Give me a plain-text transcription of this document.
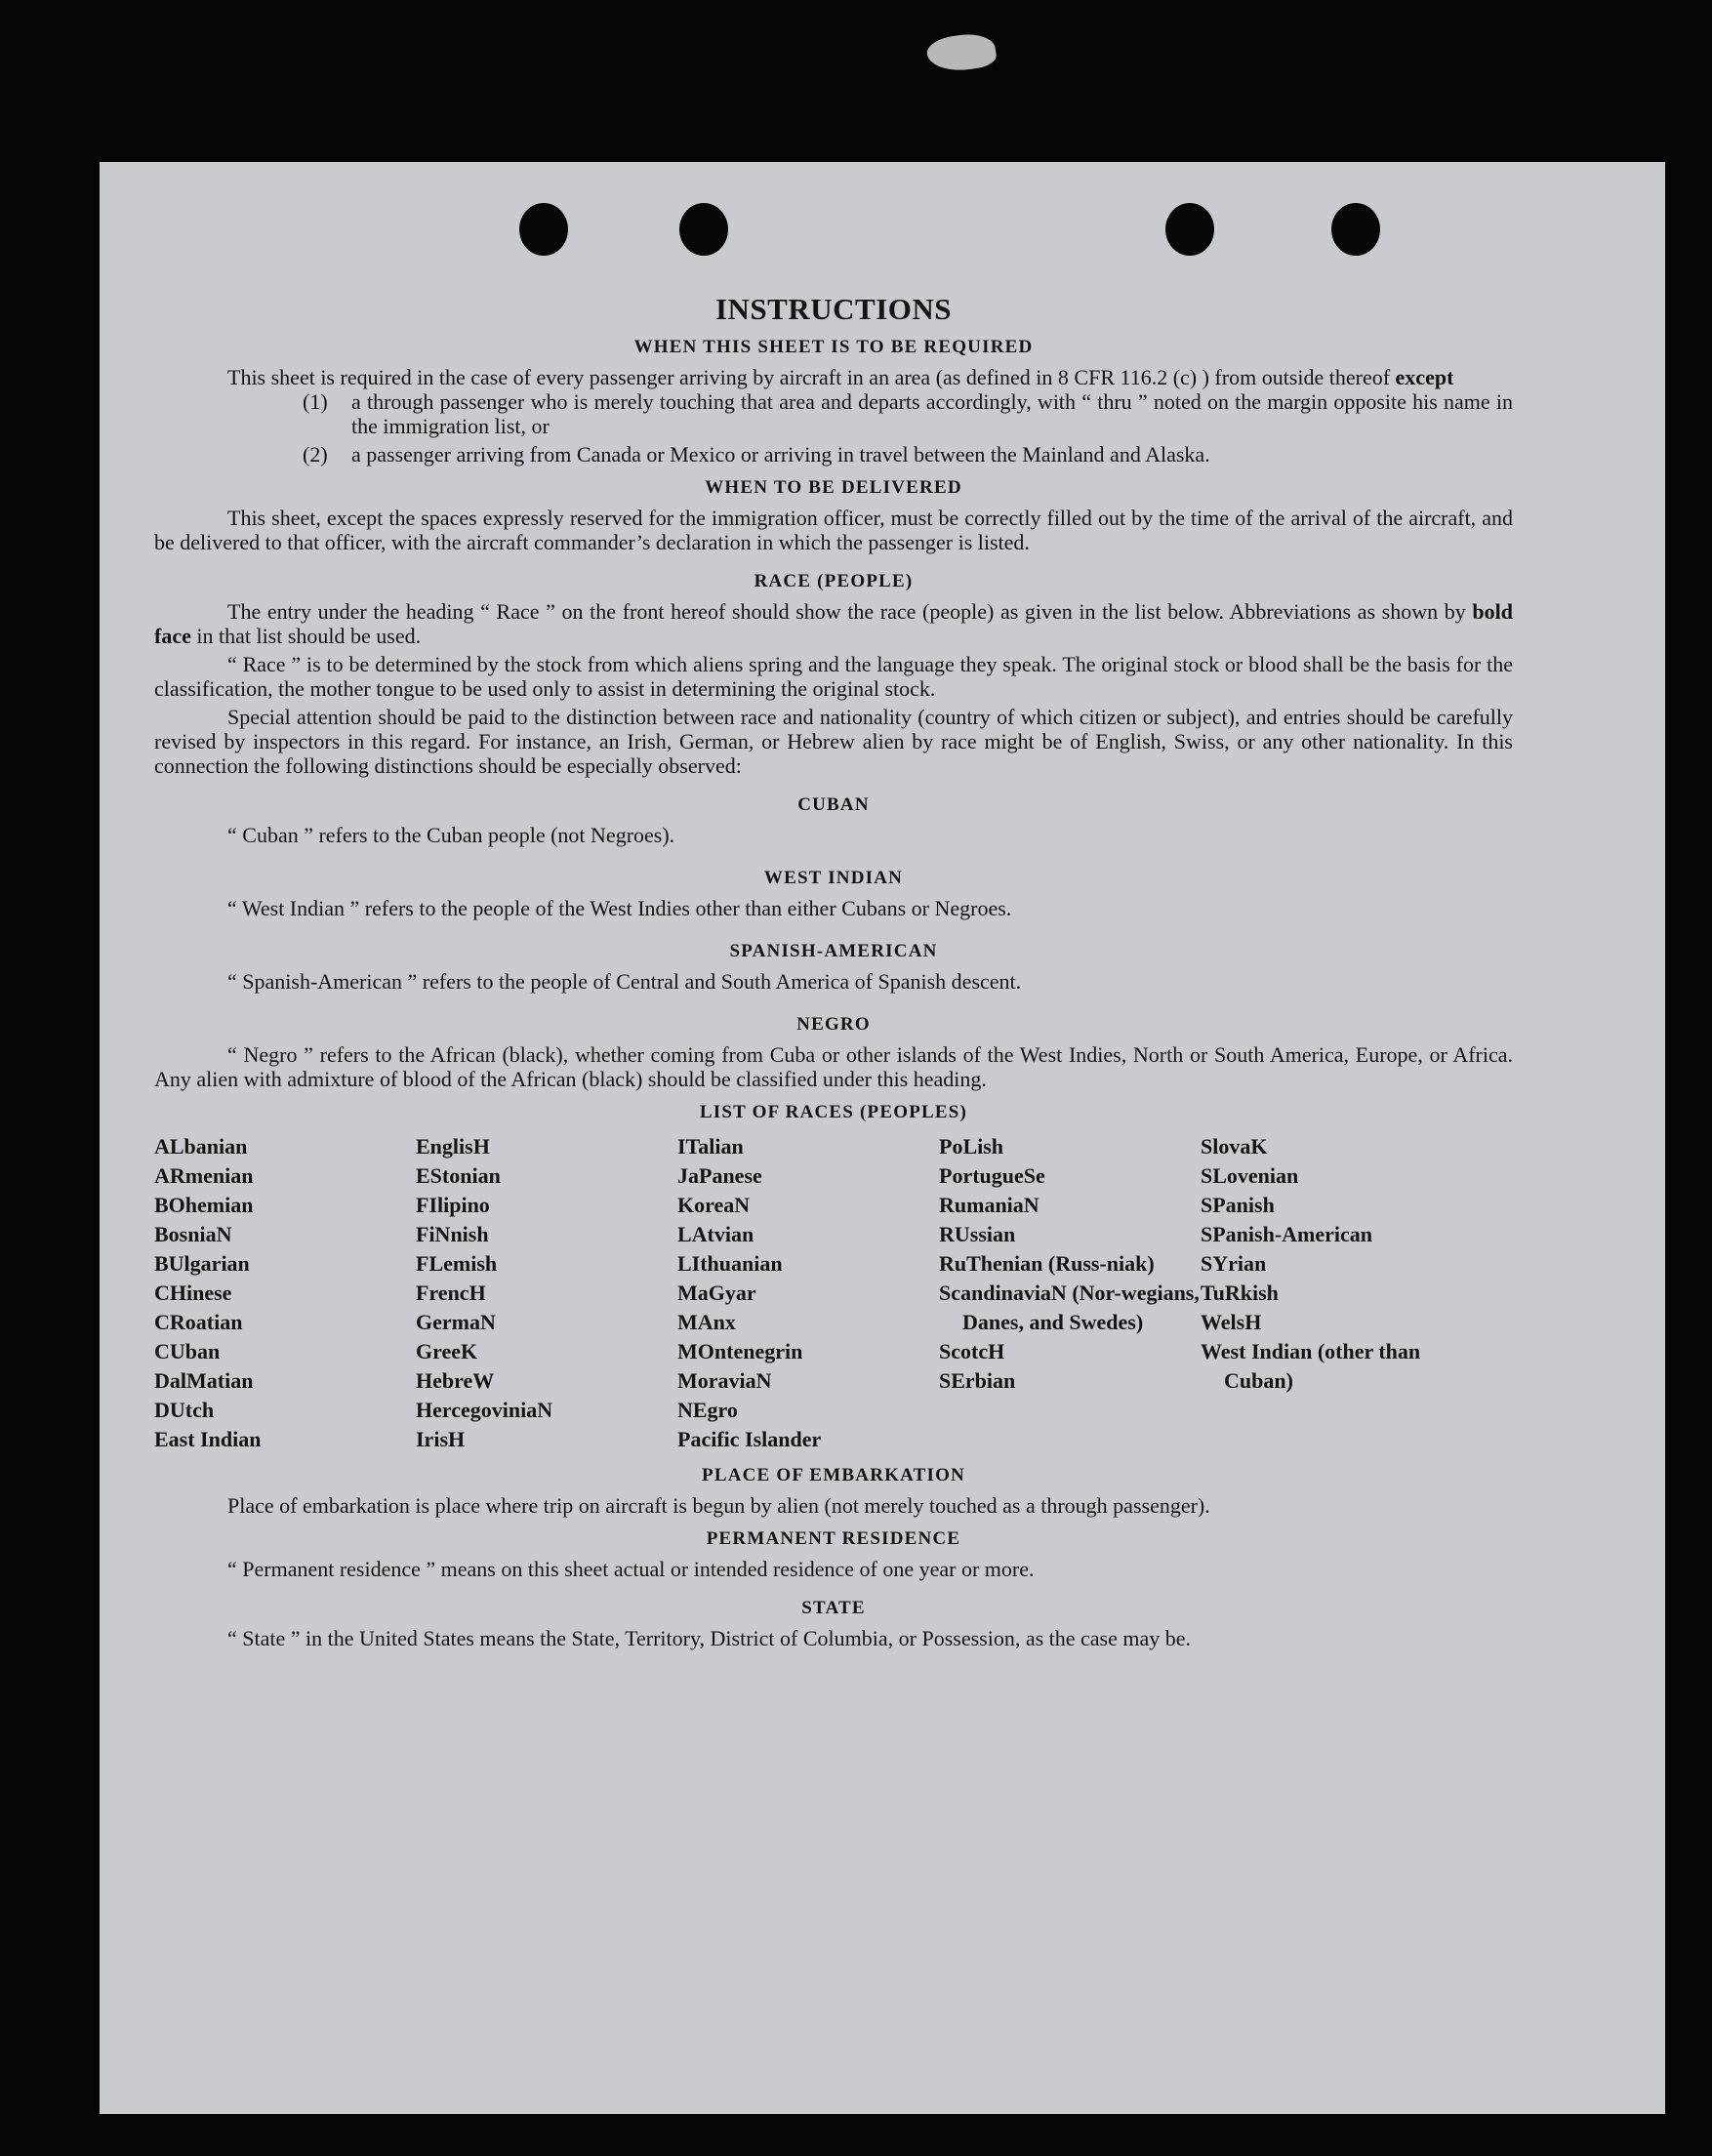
INSTRUCTIONS
WHEN THIS SHEET IS TO BE REQUIRED

This sheet is required in the case of every passenger arriving by aircraft in an area (as defined in 8 CFR 116.2 (c) ) from outside thereof except

(1)	a through passenger who is merely touching that area and departs accordingly, with “ thru ” noted on the margin opposite his name in the immigration list, or
(2)	a passenger arriving from Canada or Mexico or arriving in travel between the Mainland and Alaska.
WHEN TO BE DELIVERED

This sheet, except the spaces expressly reserved for the immigration officer, must be correctly filled out by the time of the arrival of the aircraft, and be delivered to that officer, with the aircraft commander’s declaration in which the passenger is listed.

RACE (PEOPLE)

The entry under the heading “ Race ” on the front hereof should show the race (people) as given in the list below. Abbreviations as shown by bold face in that list should be used.

“ Race ” is to be determined by the stock from which aliens spring and the language they speak. The original stock or blood shall be the basis for the classification, the mother tongue to be used only to assist in determining the original stock.

Special attention should be paid to the distinction between race and nationality (country of which citizen or subject), and entries should be carefully revised by inspectors in this regard. For instance, an Irish, German, or Hebrew alien by race might be of English, Swiss, or any other nationality. In this connection the following distinctions should be especially observed:

CUBAN

“ Cuban ” refers to the Cuban people (not Negroes).

WEST INDIAN

“ West Indian ” refers to the people of the West Indies other than either Cubans or Negroes.

SPANISH-AMERICAN

“ Spanish-American ” refers to the people of Central and South America of Spanish descent.

NEGRO

“ Negro ” refers to the African (black), whether coming from Cuba or other islands of the West Indies, North or South America, Europe, or Africa. Any alien with admixture of blood of the African (black) should be classified under this heading.

LIST OF RACES (PEOPLES)
ALbanian
ARmenian
BOhemian
BosniaN
BUlgarian
CHinese
CRoatian
CUban
DalMatian
DUtch
East Indian
EnglisH
EStonian
FIlipino
FiNnish
FLemish
FrencH
GermaN
GreeK
HebreW
HercegoviniaN
IrisH
ITalian
JaPanese
KoreaN
LAtvian
LIthuanian
MaGyar
MAnx
MOntenegrin
MoraviaN
NEgro
Pacific Islander
PoLish
PortugueSe
RumaniaN
RUssian
RuThenian (Russ-niak)
ScandinaviaN (Nor-wegians, Danes, and Swedes)
ScotcH
SErbian
SlovaK
SLovenian
SPanish
SPanish-American
SYrian
TuRkish
WelsH
West Indian (other than Cuban)
PLACE OF EMBARKATION

Place of embarkation is place where trip on aircraft is begun by alien (not merely touched as a through passenger).

PERMANENT RESIDENCE

“ Permanent residence ” means on this sheet actual or intended residence of one year or more.

STATE

“ State ” in the United States means the State, Territory, District of Columbia, or Possession, as the case may be.
